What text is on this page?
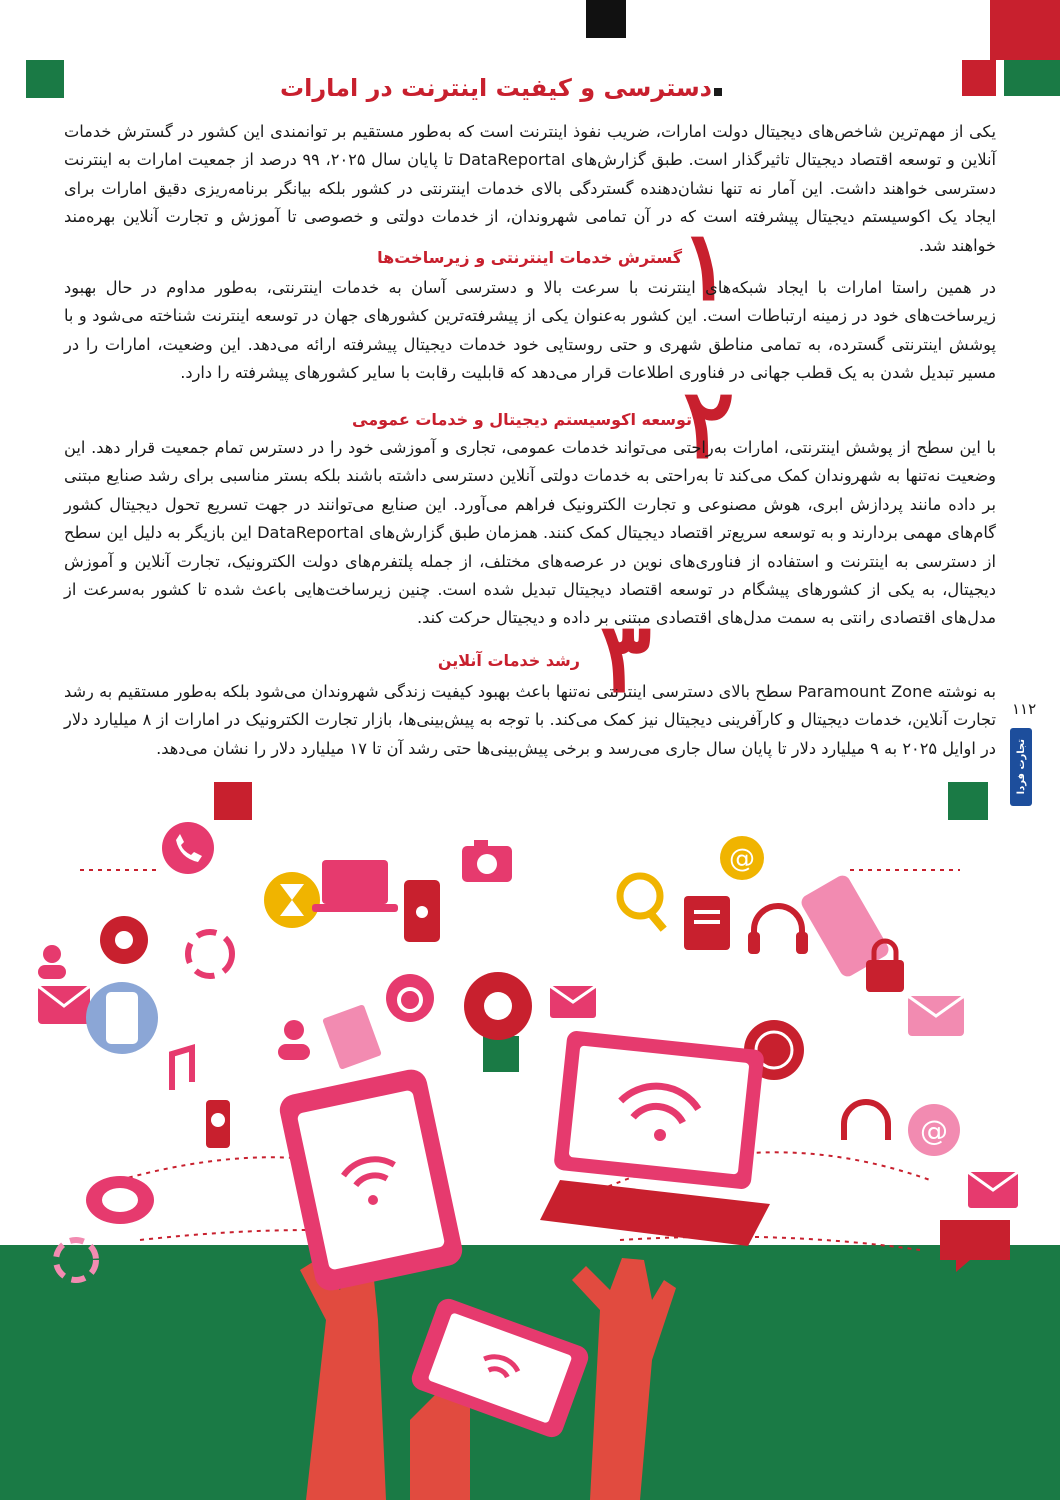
دسترسی و کیفیت اینترنت در امارات

یکی از مهم‌ترین شاخص‌های دیجیتال دولت امارات، ضریب نفوذ اینترنت است که به‌طور مستقیم بر توانمندی این کشور در گسترش خدمات آنلاین و توسعه اقتصاد دیجیتال تاثیرگذار است. طبق گزارش‌های DataReportal تا پایان سال ۲۰۲۵، ۹۹ درصد از جمعیت امارات به اینترنت دسترسی خواهند داشت. این آمار نه تنها نشان‌دهنده گستردگی بالای خدمات اینترنتی در کشور بلکه بیانگر برنامه‌ریزی دقیق امارات برای ایجاد یک اکوسیستم دیجیتال پیشرفته است که در آن تمامی شهروندان، از خدمات دولتی و خصوصی تا آموزش و تجارت آنلاین بهره‌مند خواهند شد.

۱
گسترش خدمات اینترنتی و زیرساخت‌ها

در همین راستا امارات با ایجاد شبکه‌های اینترنت با سرعت بالا و دسترسی آسان به خدمات اینترنتی، به‌طور مداوم در حال بهبود زیرساخت‌های خود در زمینه ارتباطات است. این کشور به‌عنوان یکی از پیشرفته‌ترین کشورهای جهان در توسعه اینترنت شناخته می‌شود و با پوشش اینترنتی گسترده، به تمامی مناطق شهری و حتی روستایی خود خدمات دیجیتال پیشرفته ارائه می‌دهد. این وضعیت، امارات را در مسیر تبدیل شدن به یک قطب جهانی در فناوری اطلاعات قرار می‌دهد که قابلیت رقابت با سایر کشورهای پیشرفته را دارد.

۲
توسعه اکوسیستم دیجیتال و خدمات عمومی

با این سطح از پوشش اینترنتی، امارات به‌راحتی می‌تواند خدمات عمومی، تجاری و آموزشی خود را در دسترس تمام جمعیت قرار دهد. این وضعیت نه‌تنها به شهروندان کمک می‌کند تا به‌راحتی به خدمات دولتی آنلاین دسترسی داشته باشند بلکه بستر مناسبی برای رشد صنایع مبتنی بر داده مانند پردازش ابری، هوش مصنوعی و تجارت الکترونیک فراهم می‌آورد. این صنایع می‌توانند در جهت تسریع تحول دیجیتال کشور گام‌های مهمی بردارند و به توسعه سریع‌تر اقتصاد دیجیتال کمک کنند. همزمان طبق گزارش‌های DataReportal این بازیگر به دلیل این سطح از دسترسی به اینترنت و استفاده از فناوری‌های نوین در عرصه‌های مختلف، از جمله پلتفرم‌های دولت الکترونیک، تجارت آنلاین و آموزش دیجیتال، به یکی از کشورهای پیشگام در توسعه اقتصاد دیجیتال تبدیل شده است. چنین زیرساخت‌هایی باعث شده تا کشور به‌سرعت از مدل‌های اقتصادی رانتی به سمت مدل‌های اقتصادی مبتنی بر داده و دیجیتال حرکت کند.

۳
رشد خدمات آنلاین

به نوشته Paramount Zone سطح بالای دسترسی اینترنتی نه‌تنها باعث بهبود کیفیت زندگی شهروندان می‌شود بلکه به‌طور مستقیم به رشد تجارت آنلاین، خدمات دیجیتال و کارآفرینی دیجیتال نیز کمک می‌کند. با توجه به پیش‌بینی‌ها، بازار تجارت الکترونیک در امارات از ۸ میلیارد دلار در اوایل ۲۰۲۵ به ۹ میلیارد دلار تا پایان سال جاری می‌رسد و برخی پیش‌بینی‌ها حتی رشد آن تا ۱۷ میلیارد دلار را نشان می‌دهد.

۱۱۲
تجارت فردا
@
@
